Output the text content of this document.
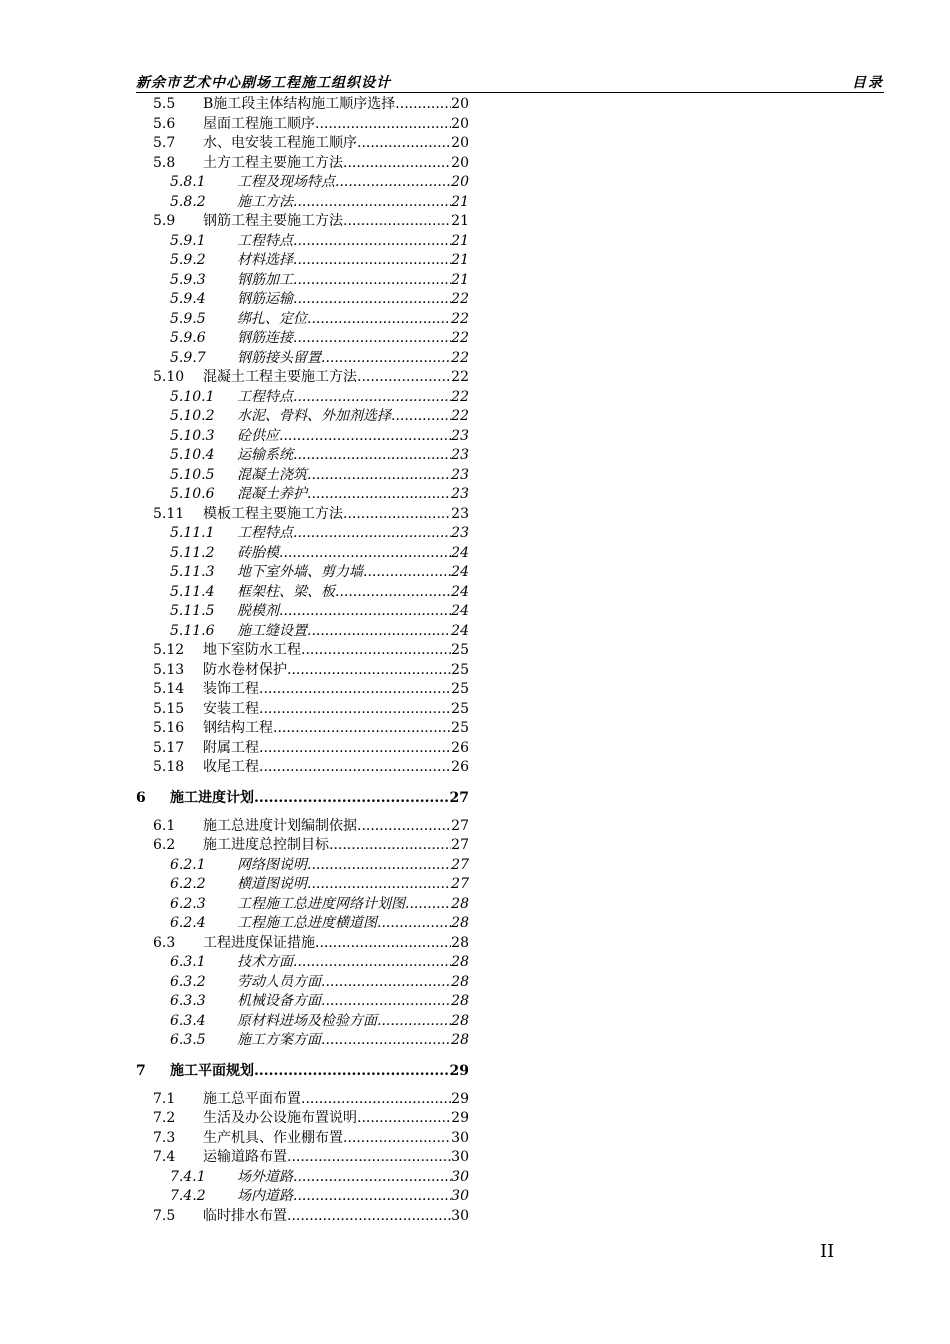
新余市艺术中心剧场工程施工组织设计	目录
5.5 B施工段主体结构施工顺序选择 .....	20
5.6 屋面工程施工顺序 .....	20
5.7 水、电安装工程施工顺序 .....	20
5.8 土方工程主要施工方法 .....	20
5.8.1 工程及现场特点 .....	20
5.8.2 施工方法 .....	21
5.9 钢筋工程主要施工方法 .....	21
5.9.1 工程特点 .....	21
5.9.2 材料选择 .....	21
5.9.3 钢筋加工 .....	21
5.9.4 钢筋运输 .....	22
5.9.5 绑扎、定位 .....	22
5.9.6 钢筋连接 .....	22
5.9.7 钢筋接头留置 .....	22
5.10 混凝土工程主要施工方法 .....	22
5.10.1 工程特点 .....	22
5.10.2 水泥、骨料、外加剂选择 .....	22
5.10.3 砼供应 .....	23
5.10.4 运输系统 .....	23
5.10.5 混凝土浇筑 .....	23
5.10.6 混凝土养护 .....	23
5.11 模板工程主要施工方法 .....	23
5.11.1 工程特点 .....	23
5.11.2 砖胎模 .....	24
5.11.3 地下室外墙、剪力墙 .....	24
5.11.4 框架柱、梁、板 .....	24
5.11.5 脱模剂 .....	24
5.11.6 施工缝设置 .....	24
5.12 地下室防水工程 .....	25
5.13 防水卷材保护 .....	25
5.14 装饰工程 .....	25
5.15 安装工程 .....	25
5.16 钢结构工程 .....	25
5.17 附属工程 .....	26
5.18 收尾工程 .....	26
6 施工进度计划 .....	27
6.1 施工总进度计划编制依据 .....	27
6.2 施工进度总控制目标 .....	27
6.2.1 网络图说明 .....	27
6.2.2 横道图说明 .....	27
6.2.3 工程施工总进度网络计划图 .....	28
6.2.4 工程施工总进度横道图 .....	28
6.3 工程进度保证措施 .....	28
6.3.1 技术方面 .....	28
6.3.2 劳动人员方面 .....	28
6.3.3 机械设备方面 .....	28
6.3.4 原材料进场及检验方面 .....	28
6.3.5 施工方案方面 .....	28
7 施工平面规划 .....	29
7.1 施工总平面布置 .....	29
7.2 生活及办公设施布置说明 .....	29
7.3 生产机具、作业棚布置 .....	30
7.4 运输道路布置 .....	30
7.4.1 场外道路 .....	30
7.4.2 场内道路 .....	30
7.5 临时排水布置 .....	30
II
